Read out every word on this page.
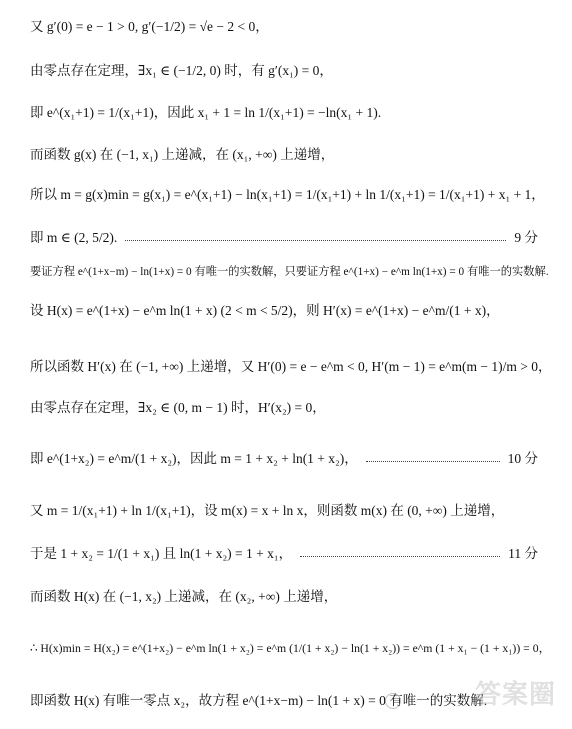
又 g′(0) = e − 1 > 0, g′(−1/2) = √e − 2 < 0，
由零点存在定理，∃x₁ ∈ (−1/2, 0) 时，有 g′(x₁) = 0，
即 e^(x₁+1) = 1/(x₁+1)，因此 x₁ + 1 = ln 1/(x₁+1) = −ln(x₁ + 1).
而函数 g(x) 在 (−1, x₁) 上递减，在 (x₁, +∞) 上递增，
所以 m = g(x)min = g(x₁) = e^(x₁+1) − ln(x₁+1) = 1/(x₁+1) + ln 1/(x₁+1) = 1/(x₁+1) + x₁ + 1，
即 m ∈ (2, 5/2).	9 分
要证方程 e^(1+x−m) − ln(1+x) = 0 有唯一的实数解，只要证方程 e^(1+x) − e^m ln(1+x) = 0 有唯一的实数解.
设 H(x) = e^(1+x) − e^m ln(1 + x) (2 < m < 5/2)，则 H′(x) = e^(1+x) − e^m/(1 + x)，
所以函数 H′(x) 在 (−1, +∞) 上递增，又 H′(0) = e − e^m < 0, H′(m − 1) = e^m(m − 1)/m > 0，
由零点存在定理，∃x₂ ∈ (0, m − 1) 时，H′(x₂) = 0，
即 e^(1+x₂) = e^m/(1 + x₂)，因此 m = 1 + x₂ + ln(1 + x₂)，	10 分
又 m = 1/(x₁+1) + ln 1/(x₁+1)，设 m(x) = x + ln x，则函数 m(x) 在 (0, +∞) 上递增，
于是 1 + x₂ = 1/(1 + x₁) 且 ln(1 + x₂) = 1 + x₁，	11 分
而函数 H(x) 在 (−1, x₂) 上递减，在 (x₂, +∞) 上递增，
∴ H(x)min = H(x₂) = e^(1+x₂) − e^m ln(1 + x₂) = e^m (1/(1 + x₂) − ln(1 + x₂)) = e^m (1 + x₁ − (1 + x₁)) = 0，
即函数 H(x) 有唯一零点 x₂，故方程 e^(1+x−m) − ln(1 + x) = 0 有唯一的实数解.
答案圈
